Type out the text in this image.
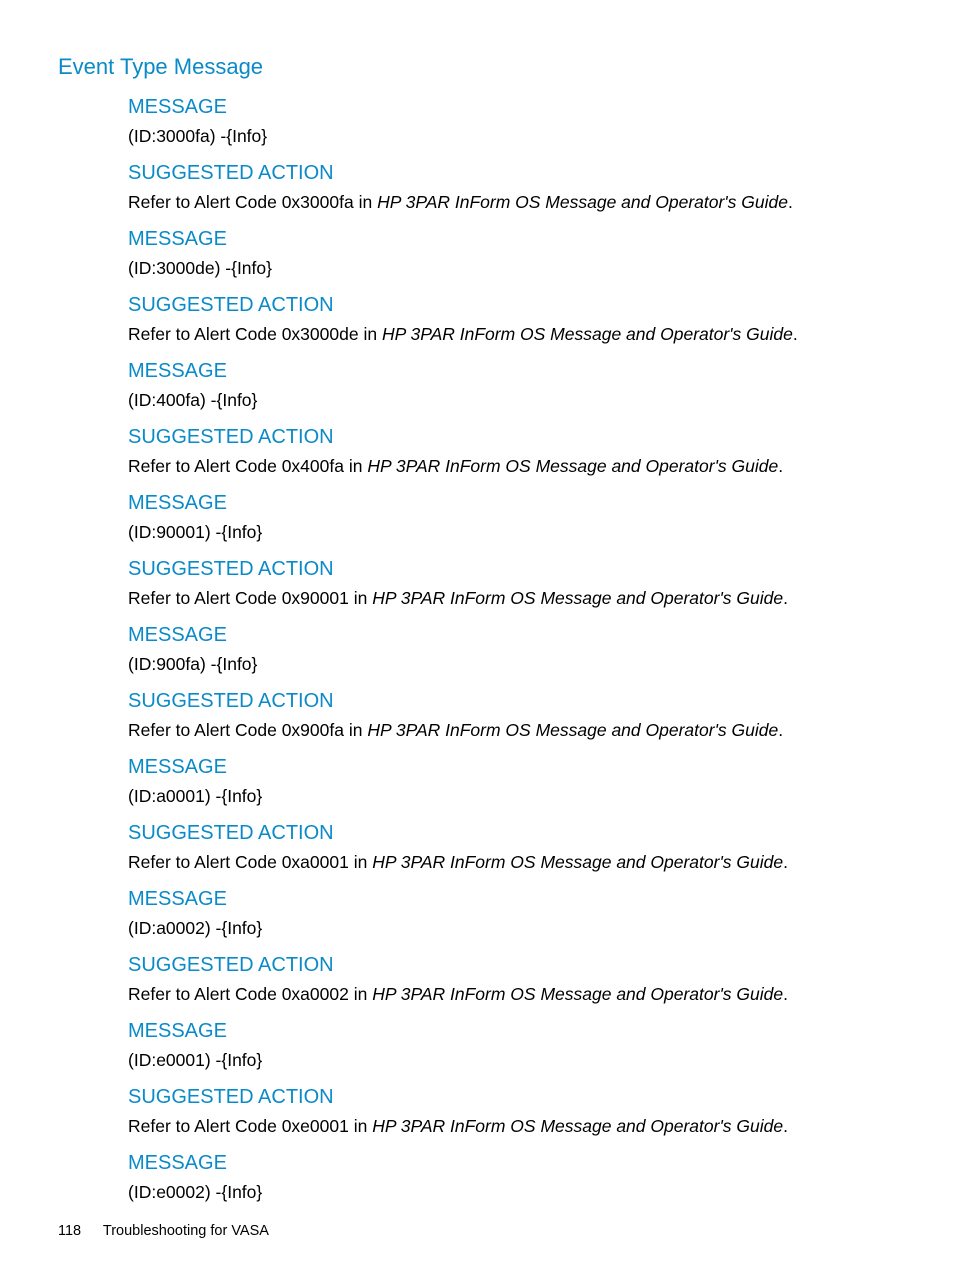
Event Type Message
MESSAGE
(ID:3000fa) -{Info}
SUGGESTED ACTION
Refer to Alert Code 0x3000fa in HP 3PAR InForm OS Message and Operator's Guide.
MESSAGE
(ID:3000de) -{Info}
SUGGESTED ACTION
Refer to Alert Code 0x3000de in HP 3PAR InForm OS Message and Operator's Guide.
MESSAGE
(ID:400fa) -{Info}
SUGGESTED ACTION
Refer to Alert Code 0x400fa in HP 3PAR InForm OS Message and Operator's Guide.
MESSAGE
(ID:90001) -{Info}
SUGGESTED ACTION
Refer to Alert Code 0x90001 in HP 3PAR InForm OS Message and Operator's Guide.
MESSAGE
(ID:900fa) -{Info}
SUGGESTED ACTION
Refer to Alert Code 0x900fa in HP 3PAR InForm OS Message and Operator's Guide.
MESSAGE
(ID:a0001) -{Info}
SUGGESTED ACTION
Refer to Alert Code 0xa0001 in HP 3PAR InForm OS Message and Operator's Guide.
MESSAGE
(ID:a0002) -{Info}
SUGGESTED ACTION
Refer to Alert Code 0xa0002 in HP 3PAR InForm OS Message and Operator's Guide.
MESSAGE
(ID:e0001) -{Info}
SUGGESTED ACTION
Refer to Alert Code 0xe0001 in HP 3PAR InForm OS Message and Operator's Guide.
MESSAGE
(ID:e0002) -{Info}
118 Troubleshooting for VASA
